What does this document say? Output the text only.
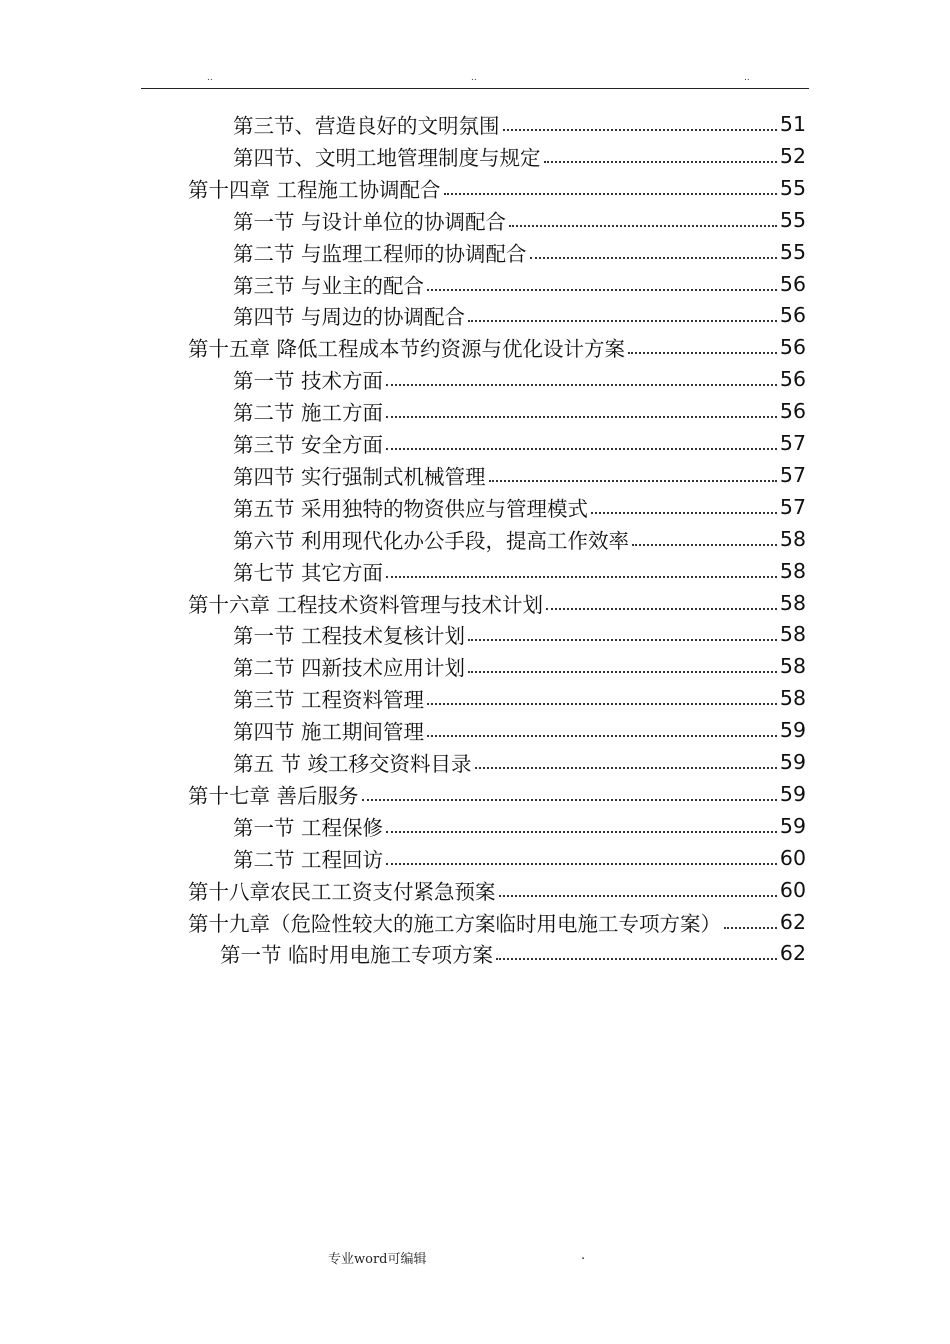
..	..	..
第三节、营造良好的文明氛围	51
第四节、文明工地管理制度与规定	52
第十四章 工程施工协调配合	55
第一节 与设计单位的协调配合	55
第二节 与监理工程师的协调配合	55
第三节 与业主的配合	56
第四节 与周边的协调配合	56
第十五章 降低工程成本节约资源与优化设计方案	56
第一节 技术方面	56
第二节 施工方面	56
第三节 安全方面	57
第四节 实行强制式机械管理	57
第五节 采用独特的物资供应与管理模式	57
第六节 利用现代化办公手段，提高工作效率	58
第七节 其它方面	58
第十六章 工程技术资料管理与技术计划	58
第一节 工程技术复核计划	58
第二节 四新技术应用计划	58
第三节 工程资料管理	58
第四节 施工期间管理	59
第五 节 竣工移交资料目录	59
第十七章 善后服务	59
第一节 工程保修	59
第二节 工程回访	60
第十八章农民工工资支付紧急预案	60
第十九章（危险性较大的施工方案临时用电施工专项方案）	62
第一节 临时用电施工专项方案	62
专业word可编辑	.
